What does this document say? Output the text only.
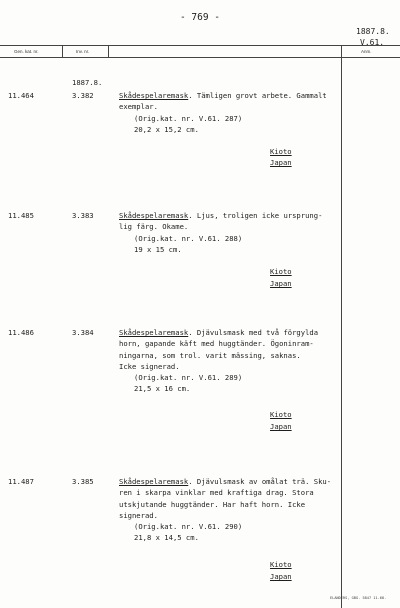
- 769 -
1887.8.
V.61.
Gen. kat. nr.	Inv. nr.	Anm.
1887.8.
11.464	3.382	Skådespelaremask. Tämligen grovt arbete. Gammalt
exemplar.
(Orig.kat. nr. V.61. 287)
20,2 x 15,2 cm.
Kioto
Japan
11.485	3.383	Skådespelaremask. Ljus, troligen icke ursprung-
lig färg. Okame.
(Orig.kat. nr. V.61. 288)
19 x 15 cm.
Kioto
Japan
11.486	3.384	Skådespelaremask. Djävulsmask med två förgylda
horn, gapande käft med huggtänder. Ögoninram-
ningarna, som trol. varit mässing, saknas.
Icke signerad.
(Orig.kat. nr. V.61. 289)
21,5 x 16 cm.
Kioto
Japan
11.487	3.385	Skådespelaremask. Djävulsmask av omålat trä. Sku-
ren i skarpa vinklar med kraftiga drag. Stora
utskjutande huggtänder. Har haft horn. Icke
signerad.
(Orig.kat. nr. V.61. 290)
21,8 x 14,5 cm.
Kioto
Japan
ELANDERS, GBG. 5847 11.68.
